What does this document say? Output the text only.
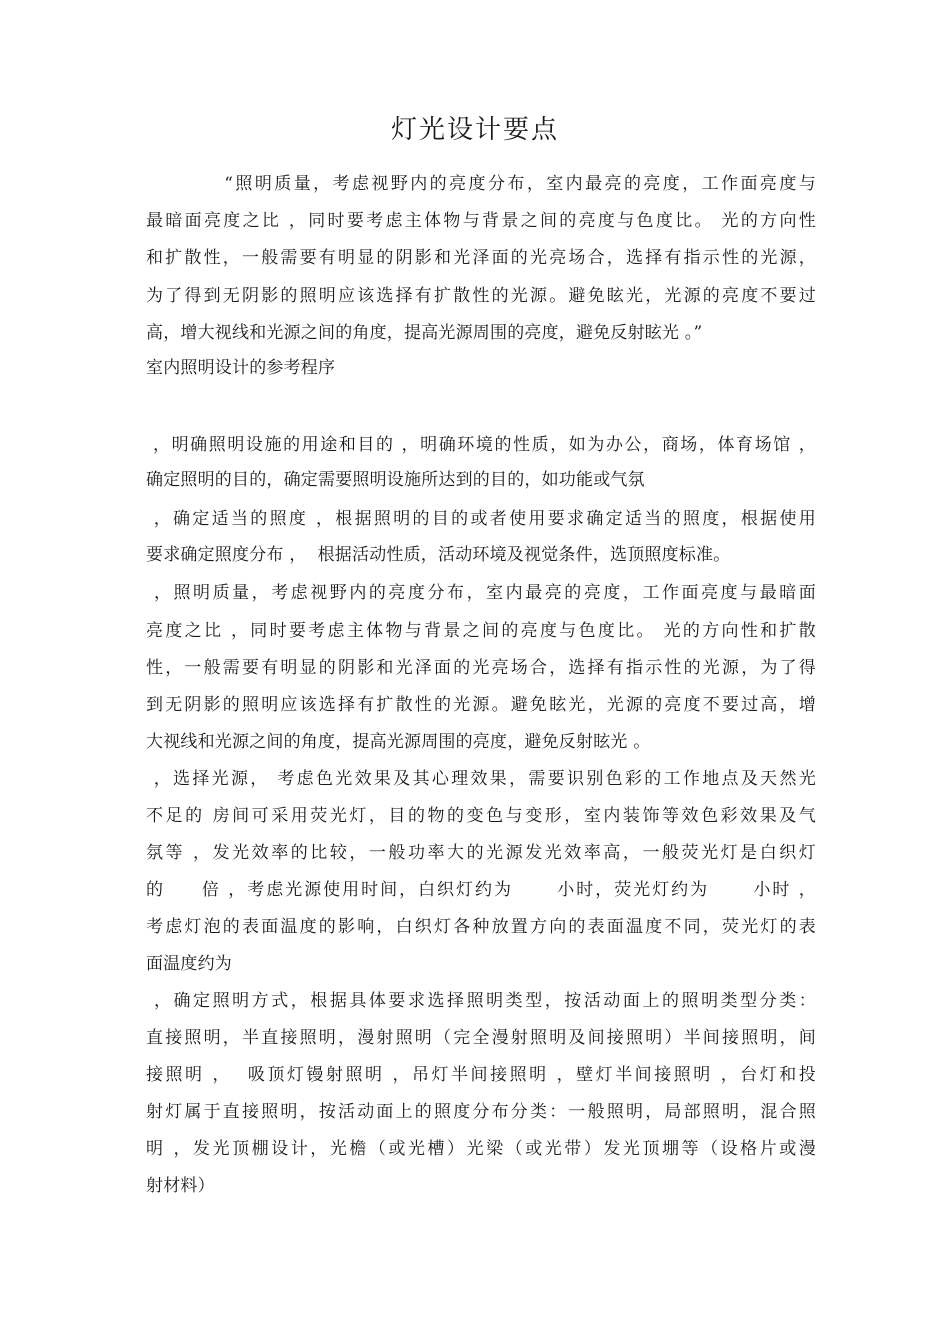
灯光设计要点
“照明质量，考虑视野内的亮度分布，室内最亮的亮度，工作面亮度与
最暗面亮度之比 ，同时要考虑主体物与背景之间的亮度与色度比。 光的方向性
和扩散性，一般需要有明显的阴影和光泽面的光亮场合，选择有指示性的光源，
为了得到无阴影的照明应该选择有扩散性的光源。避免眩光，光源的亮度不要过
高，增大视线和光源之间的角度，提高光源周围的亮度，避免反射眩光 。”
室内照明设计的参考程序
，明确照明设施的用途和目的 ，明确环境的性质，如为办公，商场，体育场馆 ，
确定照明的目的，确定需要照明设施所达到的目的，如功能或气氛
，确定适当的照度 ，根据照明的目的或者使用要求确定适当的照度，根据使用
要求确定照度分布 ，  根据活动性质，活动环境及视觉条件，选顶照度标准。
，照明质量，考虑视野内的亮度分布，室内最亮的亮度，工作面亮度与最暗面
亮度之比 ，同时要考虑主体物与背景之间的亮度与色度比。 光的方向性和扩散
性，一般需要有明显的阴影和光泽面的光亮场合，选择有指示性的光源，为了得
到无阴影的照明应该选择有扩散性的光源。避免眩光，光源的亮度不要过高，增
大视线和光源之间的角度，提高光源周围的亮度，避免反射眩光 。
，选择光源， 考虑色光效果及其心理效果，需要识别色彩的工作地点及天然光
不足的 房间可采用荧光灯，目的物的变色与变形，室内装饰等效色彩效果及气
氛等 ，发光效率的比较，一般功率大的光源发光效率高，一般荧光灯是白织灯
的     倍 ，考虑光源使用时间，白织灯约为      小时，荧光灯约为      小时 ，
考虑灯泡的表面温度的影响，白织灯各种放置方向的表面温度不同，荧光灯的表
面温度约为
，确定照明方式，根据具体要求选择照明类型，按活动面上的照明类型分类：
直接照明，半直接照明，漫射照明（完全漫射照明及间接照明）半间接照明，间
接照明 ，  吸顶灯镘射照明 ，吊灯半间接照明 ，壁灯半间接照明 ，台灯和投
射灯属于直接照明，按活动面上的照度分布分类：一般照明，局部照明，混合照
明 ，发光顶棚设计，光檐（或光槽）光梁（或光带）发光顶堋等（设格片或漫
射材料）
